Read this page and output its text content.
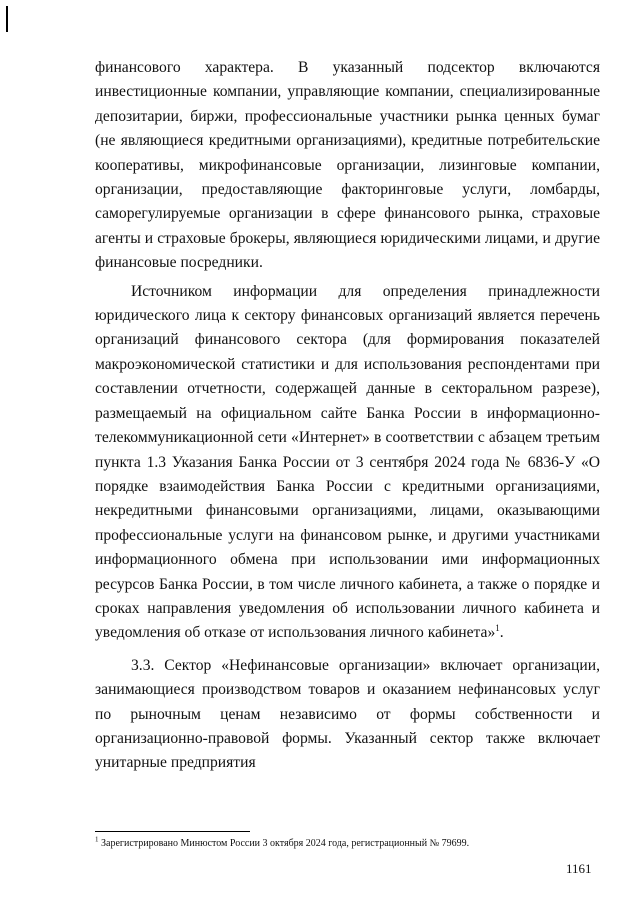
финансового характера. В указанный подсектор включаются инвестиционные компании, управляющие компании, специализированные депозитарии, биржи, профессиональные участники рынка ценных бумаг (не являющиеся кредитными организациями), кредитные потребительские кооперативы, микрофинансовые организации, лизинговые компании, организации, предоставляющие факторинговые услуги, ломбарды, саморегулируемые организации в сфере финансового рынка, страховые агенты и страховые брокеры, являющиеся юридическими лицами, и другие финансовые посредники.

Источником информации для определения принадлежности юридического лица к сектору финансовых организаций является перечень организаций финансового сектора (для формирования показателей макроэкономической статистики и для использования респондентами при составлении отчетности, содержащей данные в секторальном разрезе), размещаемый на официальном сайте Банка России в информационно-телекоммуникационной сети «Интернет» в соответствии с абзацем третьим пункта 1.3 Указания Банка России от 3 сентября 2024 года № 6836-У «О порядке взаимодействия Банка России с кредитными организациями, некредитными финансовыми организациями, лицами, оказывающими профессиональные услуги на финансовом рынке, и другими участниками информационного обмена при использовании ими информационных ресурсов Банка России, в том числе личного кабинета, а также о порядке и сроках направления уведомления об использовании личного кабинета и уведомления об отказе от использования личного кабинета»$^1$.

3.3. Сектор «Нефинансовые организации» включает организации, занимающиеся производством товаров и оказанием нефинансовых услуг по рыночным ценам независимо от формы собственности и организационно-правовой формы. Указанный сектор также включает унитарные предприятия

$^1$ Зарегистрировано Минюстом России 3 октября 2024 года, регистрационный № 79699.
1161
